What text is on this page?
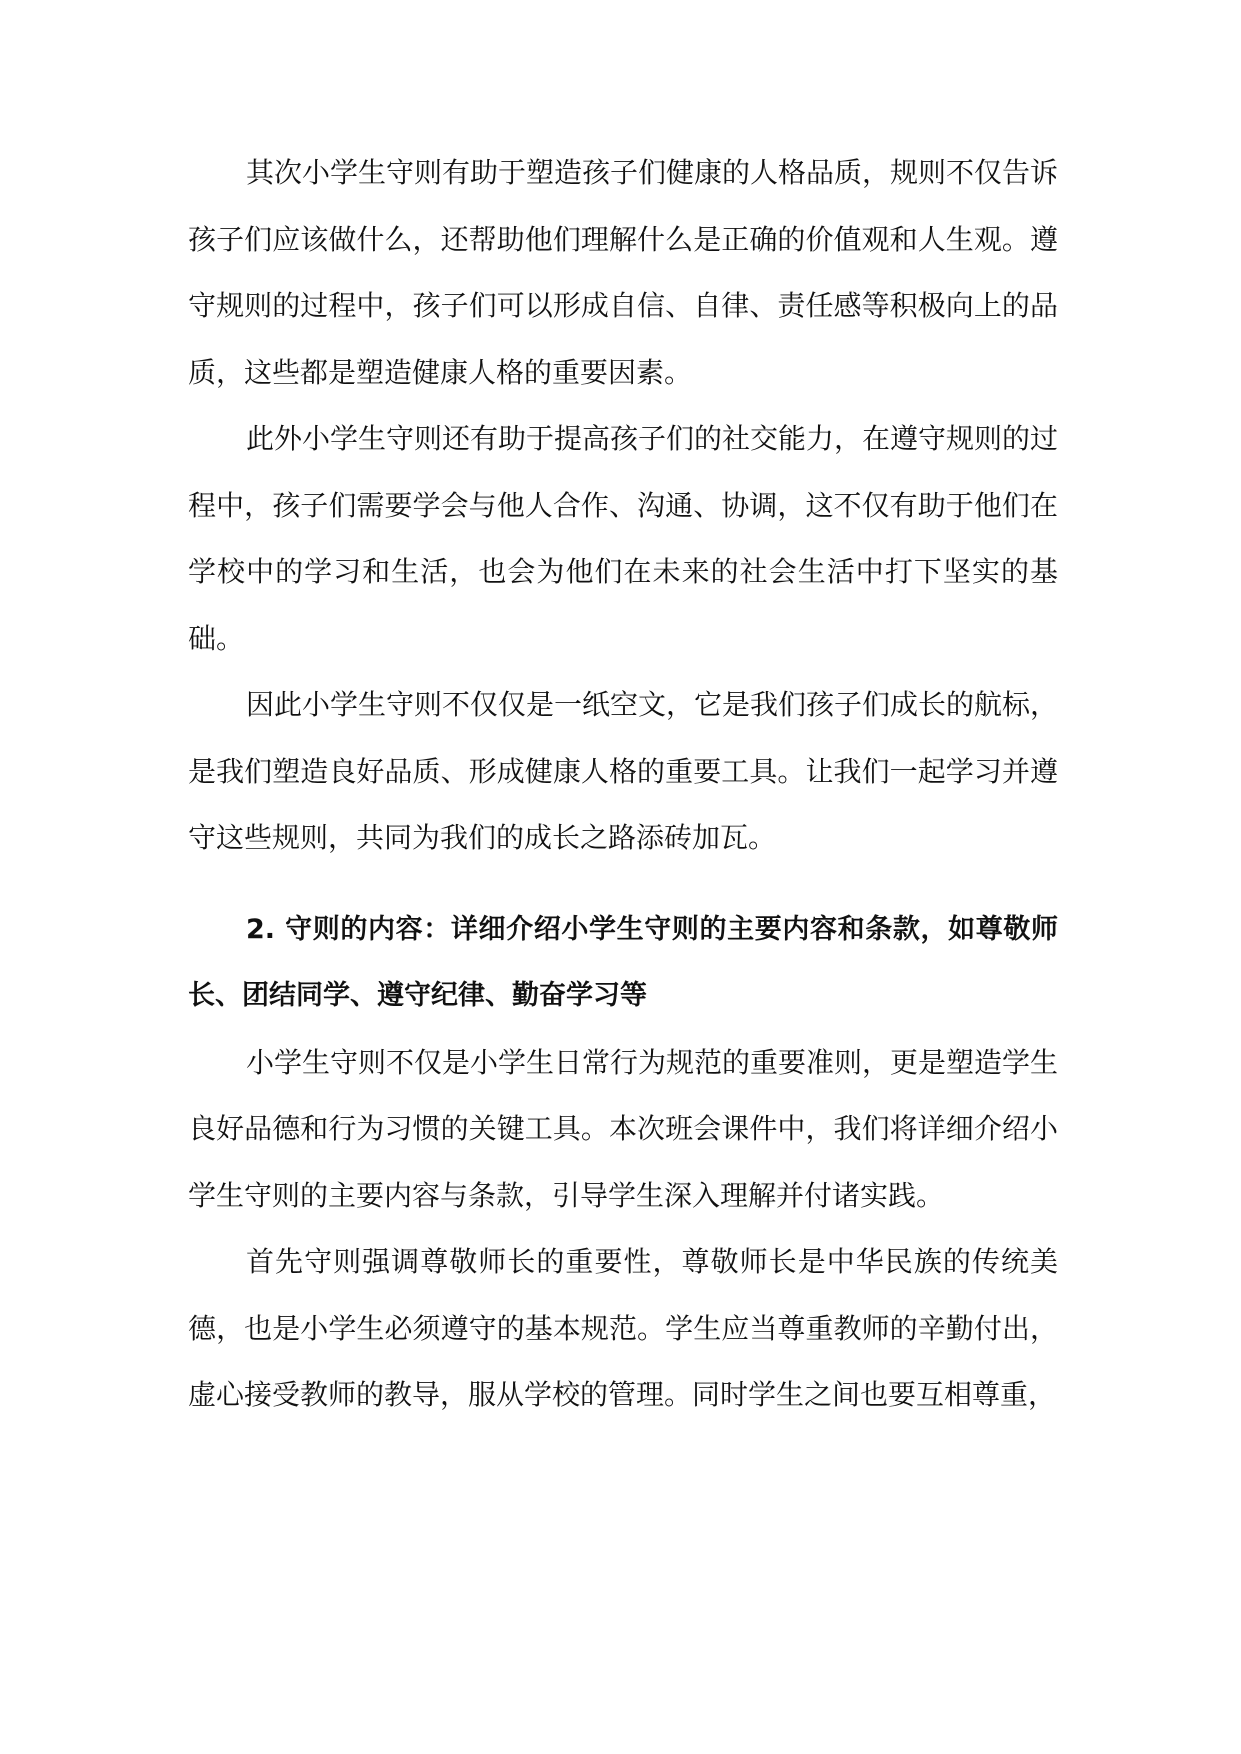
其次小学生守则有助于塑造孩子们健康的人格品质，规则不仅告诉孩子们应该做什么，还帮助他们理解什么是正确的价值观和人生观。遵守规则的过程中，孩子们可以形成自信、自律、责任感等积极向上的品质，这些都是塑造健康人格的重要因素。

此外小学生守则还有助于提高孩子们的社交能力，在遵守规则的过程中，孩子们需要学会与他人合作、沟通、协调，这不仅有助于他们在学校中的学习和生活，也会为他们在未来的社会生活中打下坚实的基础。

因此小学生守则不仅仅是一纸空文，它是我们孩子们成长的航标，是我们塑造良好品质、形成健康人格的重要工具。让我们一起学习并遵守这些规则，共同为我们的成长之路添砖加瓦。

2. 守则的内容：详细介绍小学生守则的主要内容和条款，如尊敬师长、团结同学、遵守纪律、勤奋学习等

小学生守则不仅是小学生日常行为规范的重要准则，更是塑造学生良好品德和行为习惯的关键工具。本次班会课件中，我们将详细介绍小学生守则的主要内容与条款，引导学生深入理解并付诸实践。

首先守则强调尊敬师长的重要性，尊敬师长是中华民族的传统美德，也是小学生必须遵守的基本规范。学生应当尊重教师的辛勤付出，虚心接受教师的教导，服从学校的管理。同时学生之间也要互相尊重，
